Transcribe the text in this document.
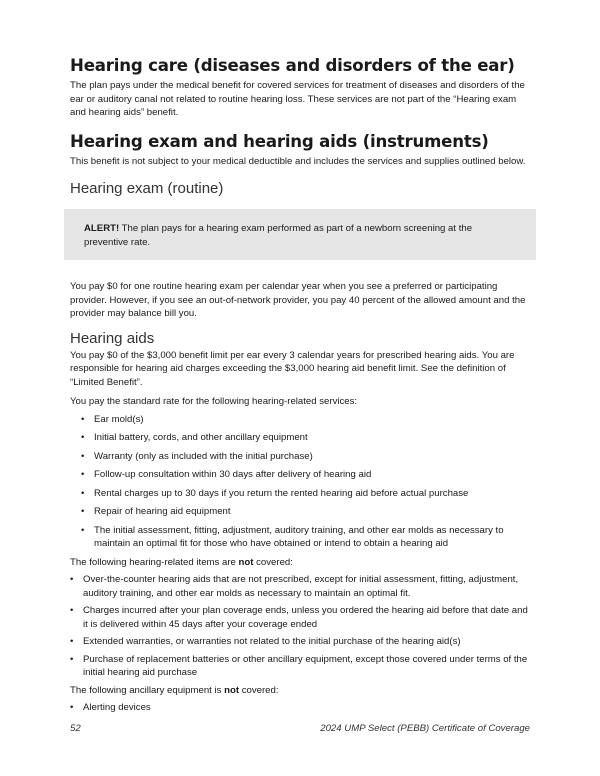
Hearing care (diseases and disorders of the ear)

The plan pays under the medical benefit for covered services for treatment of diseases and disorders of the ear or auditory canal not related to routine hearing loss. These services are not part of the “Hearing exam and hearing aids” benefit.

Hearing exam and hearing aids (instruments)

This benefit is not subject to your medical deductible and includes the services and supplies outlined below.

Hearing exam (routine)

ALERT! The plan pays for a hearing exam performed as part of a newborn screening at the preventive rate.

You pay $0 for one routine hearing exam per calendar year when you see a preferred or participating provider. However, if you see an out-of-network provider, you pay 40 percent of the allowed amount and the provider may balance bill you.

Hearing aids

You pay $0 of the $3,000 benefit limit per ear every 3 calendar years for prescribed hearing aids. You are responsible for hearing aid charges exceeding the $3,000 hearing aid benefit limit. See the definition of “Limited Benefit”.

You pay the standard rate for the following hearing-related services:

• Ear mold(s)
• Initial battery, cords, and other ancillary equipment
• Warranty (only as included with the initial purchase)
• Follow-up consultation within 30 days after delivery of hearing aid
• Rental charges up to 30 days if you return the rented hearing aid before actual purchase
• Repair of hearing aid equipment
• The initial assessment, fitting, adjustment, auditory training, and other ear molds as necessary to maintain an optimal fit for those who have obtained or intend to obtain a hearing aid

The following hearing-related items are not covered:

• Over-the-counter hearing aids that are not prescribed, except for initial assessment, fitting, adjustment, auditory training, and other ear molds as necessary to maintain an optimal fit.
• Charges incurred after your plan coverage ends, unless you ordered the hearing aid before that date and it is delivered within 45 days after your coverage ended
• Extended warranties, or warranties not related to the initial purchase of the hearing aid(s)
• Purchase of replacement batteries or other ancillary equipment, except those covered under terms of the initial hearing aid purchase

The following ancillary equipment is not covered:

• Alerting devices
52	2024 UMP Select (PEBB) Certificate of Coverage
